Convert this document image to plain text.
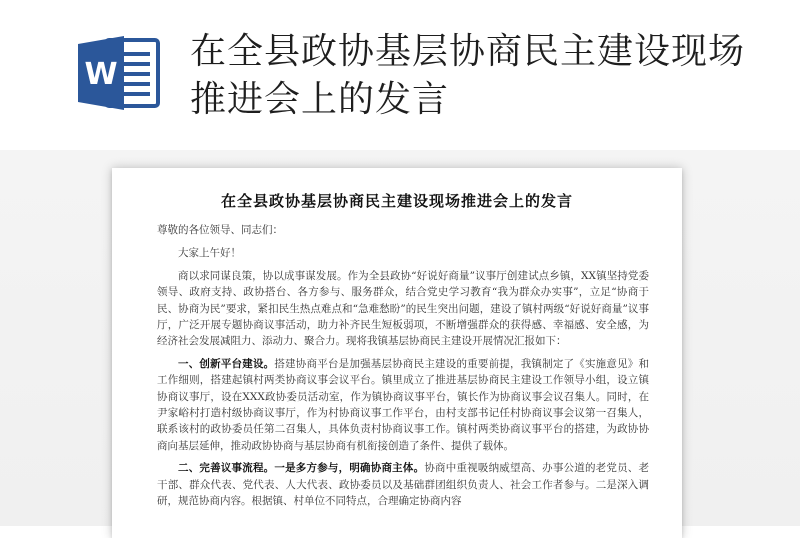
W
在全县政协基层协商民主建设现场推进会上的发言
在全县政协基层协商民主建设现场推进会上的发言

尊敬的各位领导、同志们：

大家上午好！

商以求同谋良策，协以成事谋发展。作为全县政协“好说好商量”议事厅创建试点乡镇，XX镇坚持党委领导、政府支持、政协搭台、各方参与、服务群众，结合党史学习教育“我为群众办实事”，立足“协商于民、协商为民”要求，紧扣民生热点难点和“急难愁盼”的民生突出问题，建设了镇村两级“好说好商量”议事厅，广泛开展专题协商议事活动，助力补齐民生短板弱项，不断增强群众的获得感、幸福感、安全感，为经济社会发展减阻力、添动力、聚合力。现将我镇基层协商民主建设开展情况汇报如下：

一、创新平台建设。搭建协商平台是加强基层协商民主建设的重要前提，我镇制定了《实施意见》和工作细则，搭建起镇村两类协商议事会议平台。镇里成立了推进基层协商民主建设工作领导小组，设立镇协商议事厅，设在XXX政协委员活动室，作为镇协商议事平台，镇长作为协商议事会议召集人。同时，在尹家峪村打造村级协商议事厅，作为村协商议事工作平台，由村支部书记任村协商议事会议第一召集人，联系该村的政协委员任第二召集人，具体负责村协商议事工作。镇村两类协商议事平台的搭建，为政协协商向基层延伸，推动政协协商与基层协商有机衔接创造了条件、提供了载体。

二、完善议事流程。一是多方参与，明确协商主体。协商中重视吸纳威望高、办事公道的老党员、老干部、群众代表、党代表、人大代表、政协委员以及基础群团组织负责人、社会工作者参与。二是深入调研，规范协商内容。根据镇、村单位不同特点，合理确定协商内容
